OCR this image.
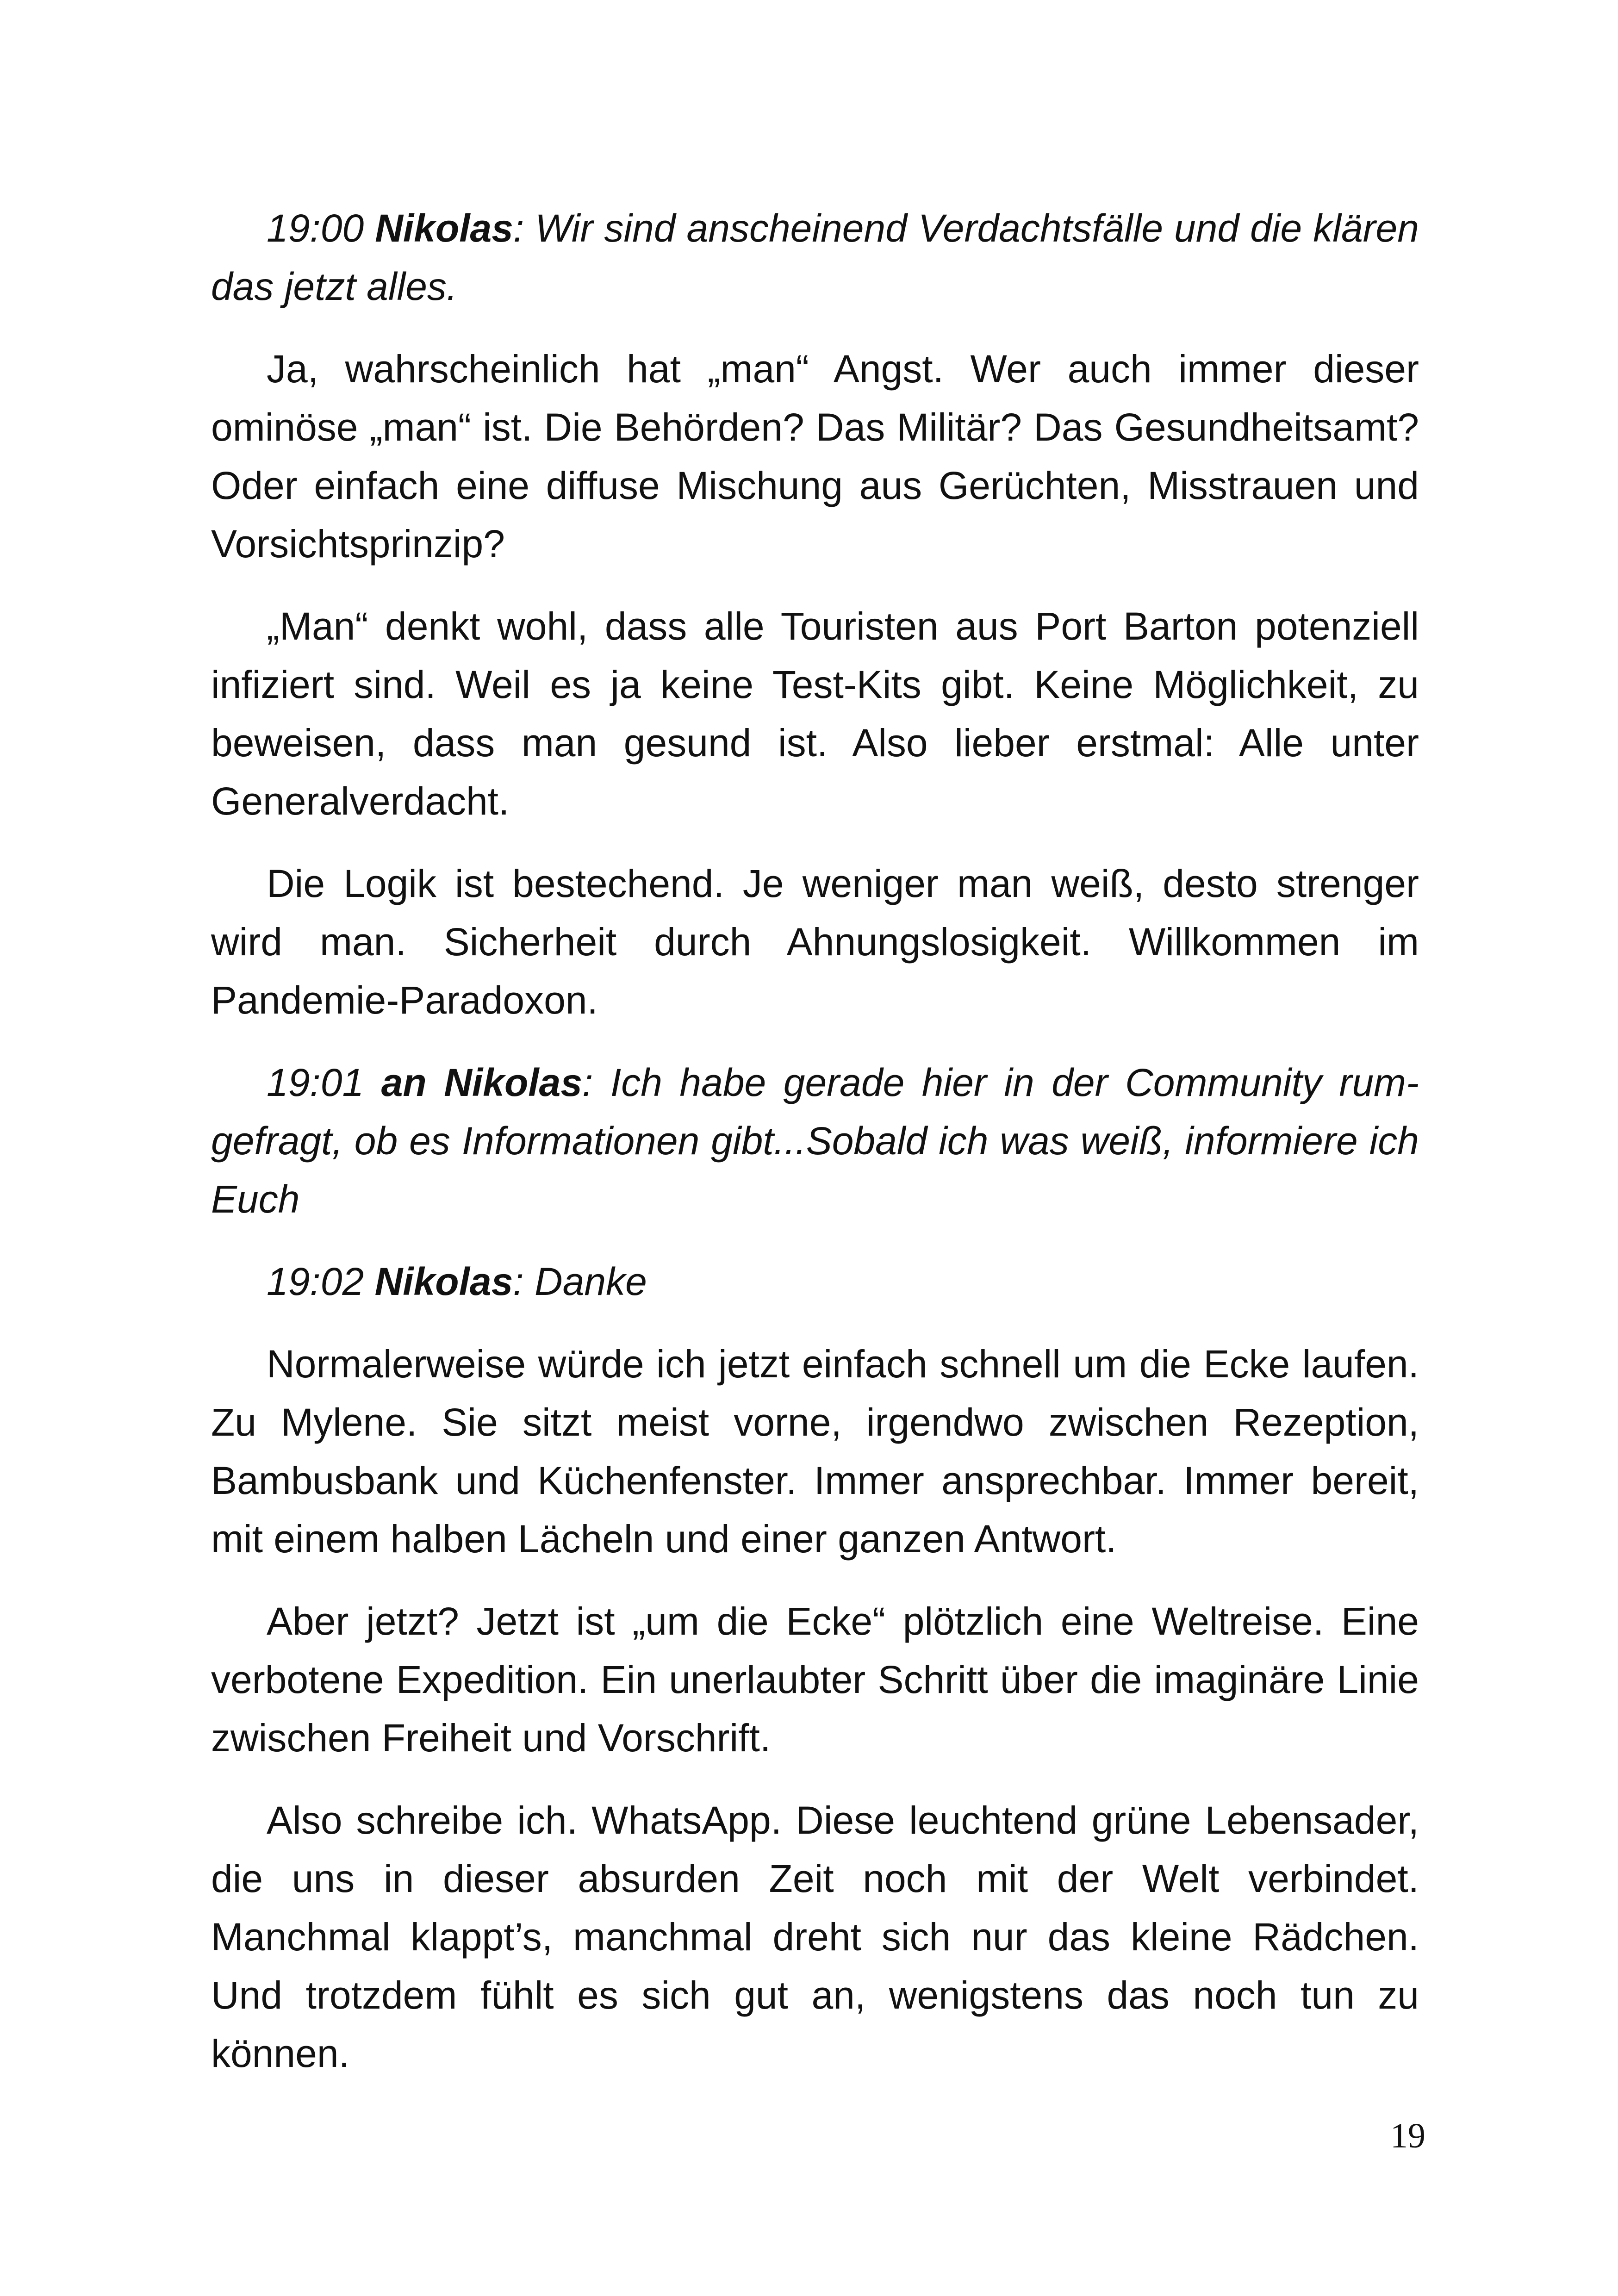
19:00 Nikolas: Wir sind anscheinend Verdachtsfälle und die klären das jetzt alles.

Ja, wahrscheinlich hat „man“ Angst. Wer auch immer dieser ominöse „man“ ist. Die Behörden? Das Militär? Das Gesundheitsamt? Oder einfach eine diffuse Mischung aus Gerüchten, Misstrauen und Vorsichtsprinzip?

„Man“ denkt wohl, dass alle Touristen aus Port Barton potenziell infiziert sind. Weil es ja keine Test-Kits gibt. Keine Möglichkeit, zu beweisen, dass man gesund ist. Also lieber erstmal: Alle unter Generalverdacht.

Die Logik ist bestechend. Je weniger man weiß, desto strenger wird man. Sicherheit durch Ahnungslosigkeit. Willkommen im Pandemie-Paradoxon.

19:01 an Nikolas: Ich habe gerade hier in der Community rumgefragt, ob es Informationen gibt...Sobald ich was weiß, informiere ich Euch

19:02 Nikolas: Danke

Normalerweise würde ich jetzt einfach schnell um die Ecke laufen. Zu Mylene. Sie sitzt meist vorne, irgendwo zwischen Rezeption, Bambusbank und Küchenfenster. Immer ansprechbar. Immer bereit, mit einem halben Lächeln und einer ganzen Antwort.

Aber jetzt? Jetzt ist „um die Ecke“ plötzlich eine Weltreise. Eine verbotene Expedition. Ein unerlaubter Schritt über die imaginäre Linie zwischen Freiheit und Vorschrift.

Also schreibe ich. WhatsApp. Diese leuchtend grüne Lebensader, die uns in dieser absurden Zeit noch mit der Welt verbindet. Manchmal klappt’s, manchmal dreht sich nur das kleine Rädchen. Und trotzdem fühlt es sich gut an, wenigstens das noch tun zu können.

19
